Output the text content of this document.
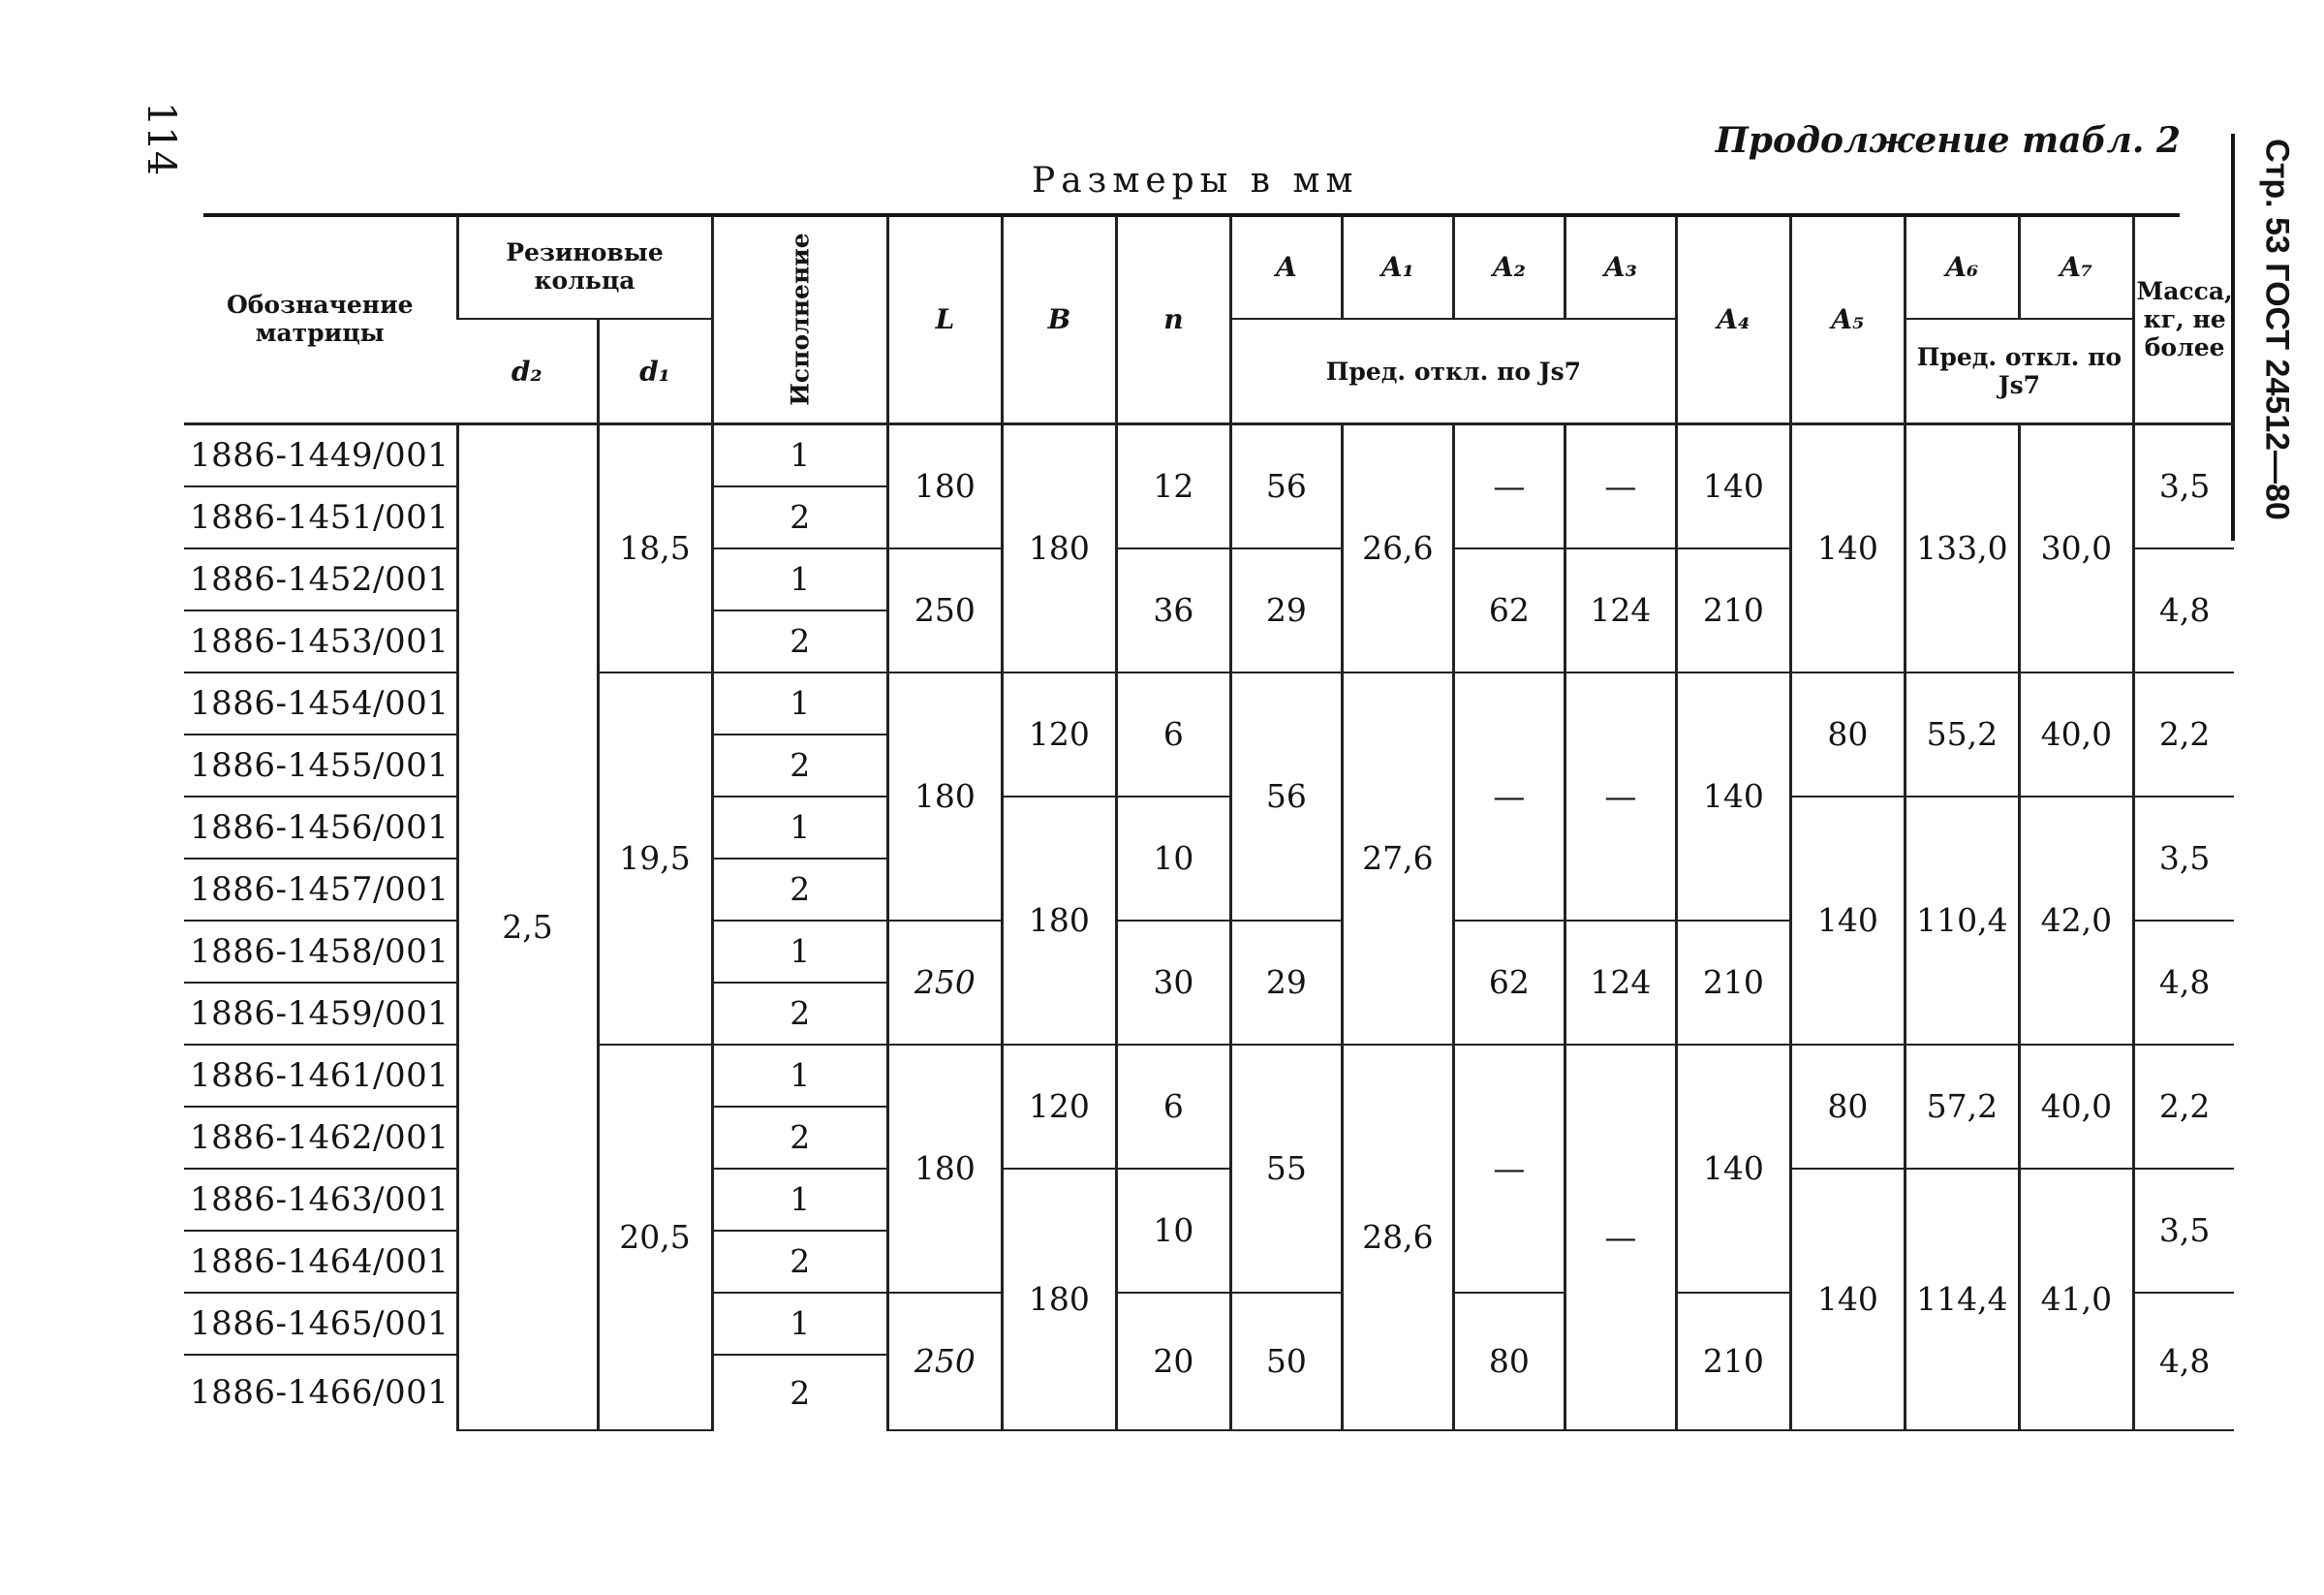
114
Стр. 53 ГОСТ 24512—80
Продолжение табл. 2
Размеры в мм
Обозначение матрицы	Резиновые кольца		Исполнение	L	B	n	A	A₁	A₂	A₃	A₄	A₅	A₆	A₇	Масса, кг, не более
	d₂	d₁					Пред. откл. по Js7						Пред. откл. по Js7		
1886-1449/001	2,5	18,5	1	180	180	12	56	26,6	—	—	140	140	133,0	30,0	3,5
1886-1451/001			2												
1886-1452/001			1	250		36	29		62	124	210				4,8
1886-1453/001			2												
1886-1454/001		19,5	1	180	120	6	56	27,6	—	—	140	80	55,2	40,0	2,2
1886-1455/001			2												
1886-1456/001			1		180	10						140	110,4	42,0	3,5
1886-1457/001			2												
1886-1458/001			1	250		30	29		62	124	210				4,8
1886-1459/001			2												
1886-1461/001		20,5	1	180	120	6	55	28,6	—	—	140	80	57,2	40,0	2,2
1886-1462/001			2												
1886-1463/001			1		180	10						140	114,4	41,0	3,5
1886-1464/001			2												
1886-1465/001			1	250		20	50		80		210				4,8
1886-1466/001			2												
